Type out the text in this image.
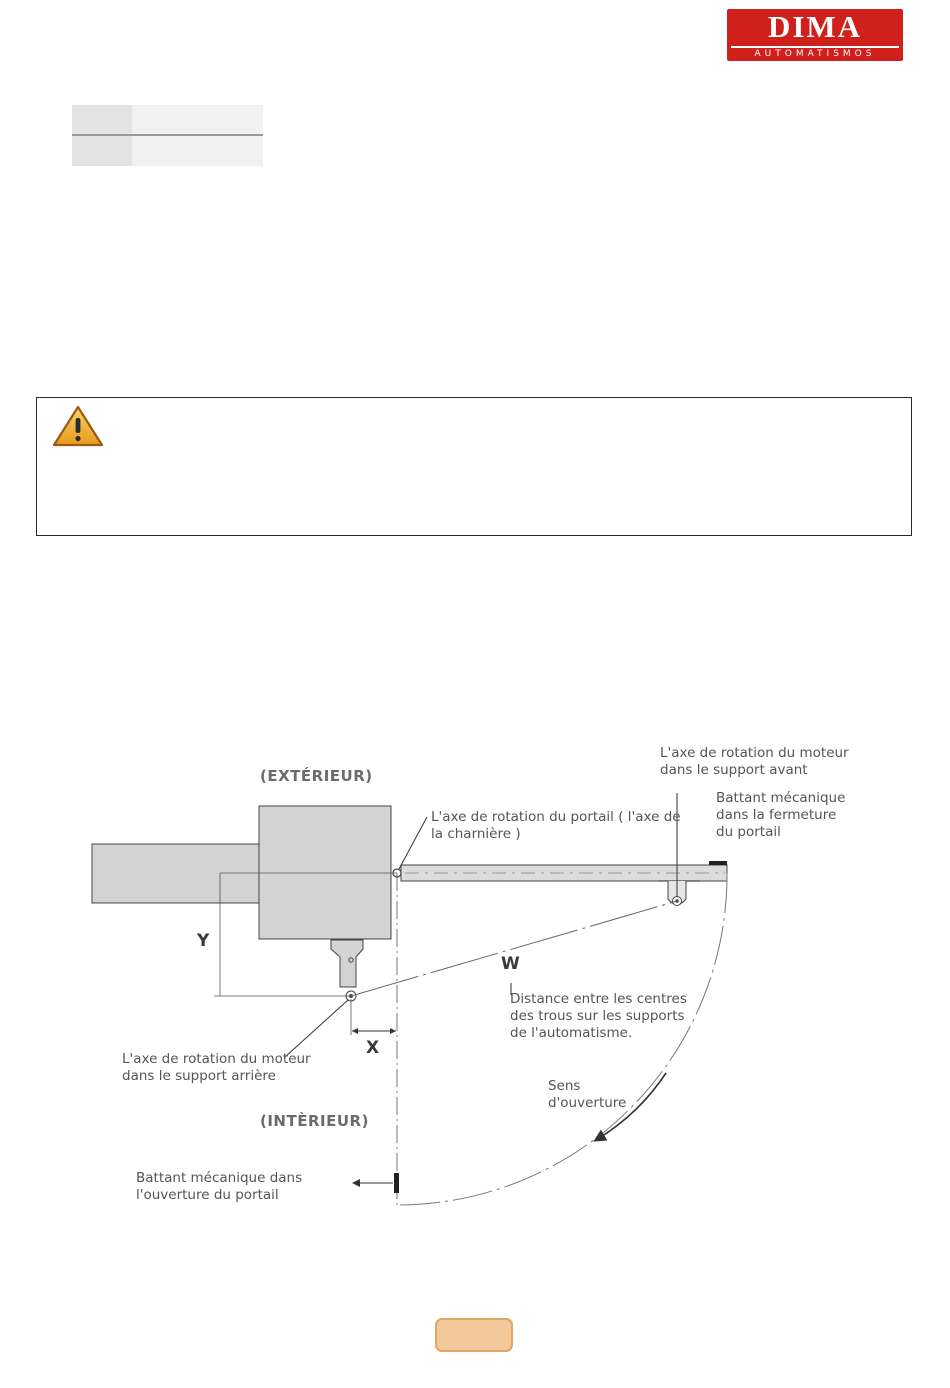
DIMA
AUTOMATISMOS
(EXTÉRIEUR)
(INTÈRIEUR)
L'axe de rotation du moteur
dans le support avant
L'axe de rotation du portail ( l'axe de
la charnière )
Battant mécanique
dans la fermeture
du portail
L'axe de rotation du moteur
dans le support arrière
Distance entre les centres
des trous sur les supports
de l'automatisme.
Sens
d'ouverture
Battant mécanique dans
l'ouverture du portail
Y
X
W
